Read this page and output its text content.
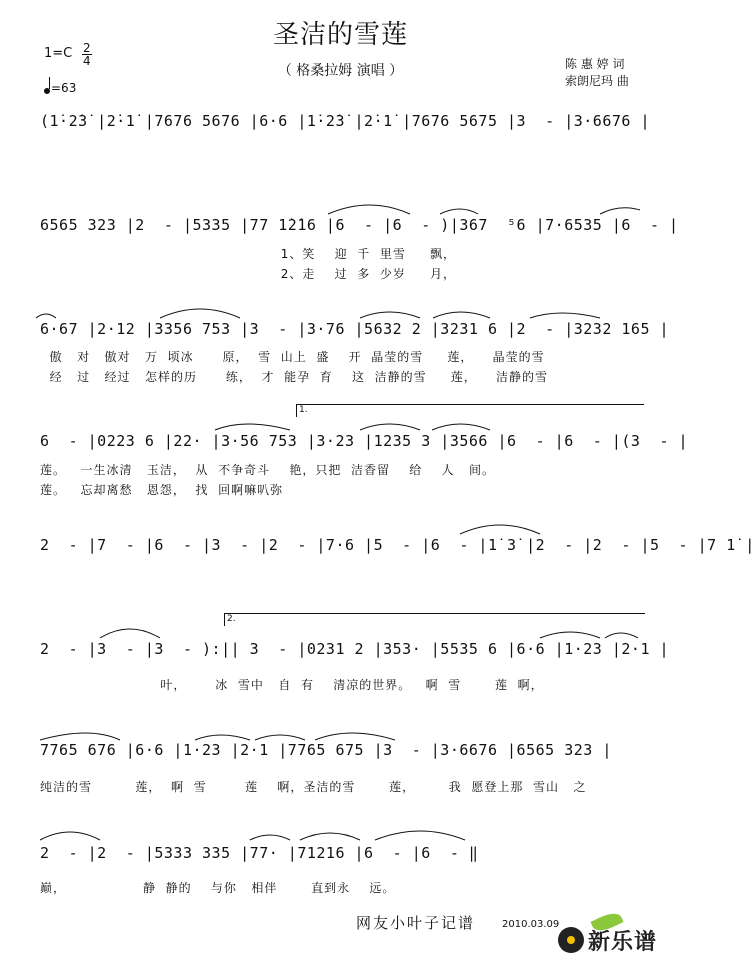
圣洁的雪莲
（ 格桑拉姆 演唱 ）	陈 惠 婷 词
索朗尼玛 曲
1=C 2
4
=63
(1̇·2̇3̇ |2̇·1̇ |7676 5676 |6·6 |1̇·2̇3̇ |2̇·1̇ |7676 5675 |3  - |3·6676 |
6565 323 |2  - |5335 |77 1̇2̇16 |6  - |6  - )|367  ⁵6 |7·6535 |6  - |
1、笑    迎  千  里雪     飘，
2、走    过  多  少岁     月，
6·67 |2·12 |3356 753 |3  - |3·76 |5632 2 |3231 6 |2  - |3232 165 |
傲   对   傲对   万  顷冰      原，  雪  山上  盛    开  晶莹的雪     莲，    晶莹的雪
经   过   经过   怎样的历      练，  才  能孕  育    这  洁静的雪     莲，    洁静的雪
1.
6  - |0223 6 |22· |3·56 753 |3·23 |1235 3 |3566 |6  - |6  - |(3  - |
莲。   一生冰清   玉洁，  从  不争奇斗    艳，只把  洁香留    给    人   间。
莲。   忘却离愁   恩怨，  找  回啊嘛叭弥
2  - |7  - |6  - |3  - |2  - |7·6 |5  - |6  - |1̇ 3̇ |2  - |2  - |5  - |7 1̇ |
2.
2  - |3  - |3  - ):|| 3  - |0231 2 |353· |5535 6 |6·6 |1·23 |2·1 |
叶，      冰  雪中   自  有    清凉的世界。   啊  雪       莲  啊，
7765 676 |6·6 |1·23 |2·1 |7765 675 |3  - |3·6676 |6565 323 |
纯洁的雪         莲，  啊  雪        莲    啊，圣洁的雪       莲，       我  愿登上那  雪山   之
2  - |2  - |5333 335 |77· |71216 |6  - |6  - ‖
巅，                静  静的    与你   相伴       直到永    远。
网友小叶子记谱	2010.03.09
新乐谱
